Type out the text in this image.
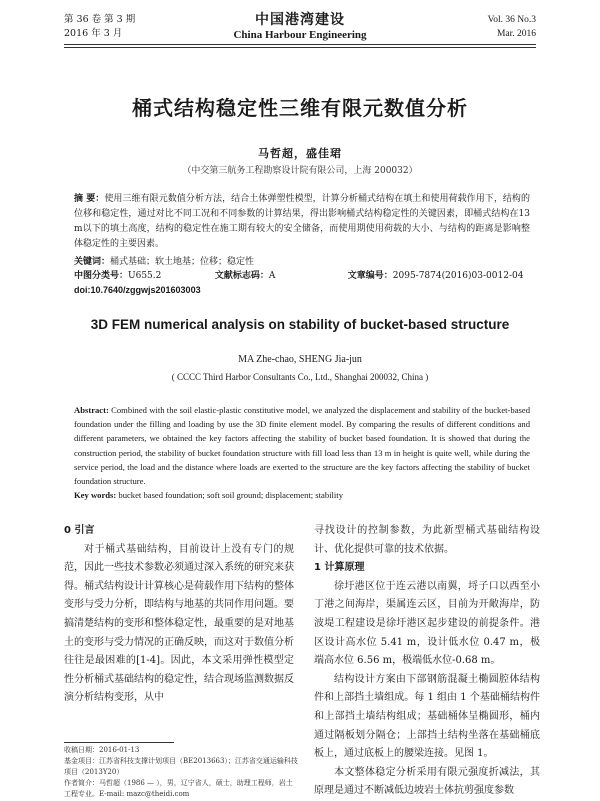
第 36 卷 第 3 期
2016 年 3 月
中国港湾建设
China Harbour Engineering
Vol. 36 No.3
Mar. 2016
桶式结构稳定性三维有限元数值分析
马哲超，盛佳珺
（中交第三航务工程勘察设计院有限公司，上海 200032）
摘 要：使用三维有限元数值分析方法，结合土体弹塑性模型，计算分析桶式结构在填土和使用荷载作用下，结构的位移和稳定性，通过对比不同工况和不同参数的计算结果，得出影响桶式结构稳定性的关键因素，即桶式结构在13 m以下的填土高度，结构的稳定性在施工期有较大的安全储备，而使用期使用荷载的大小、与结构的距离是影响整体稳定性的主要因素。
关键词：桶式基础；软土地基；位移；稳定性
中图分类号：U655.2	文献标志码：A	文章编号：2095-7874(2016)03-0012-04
doi:10.7640/zggwjs201603003
3D FEM numerical analysis on stability of bucket-based structure
MA Zhe-chao, SHENG Jia-jun
( CCCC Third Harbor Consultants Co., Ltd., Shanghai 200032, China )
Abstract: Combined with the soil elastic-plastic constitutive model, we analyzed the displacement and stability of the bucket-based foundation under the filling and loading by use the 3D finite element model. By comparing the results of different conditions and different parameters, we obtained the key factors affecting the stability of bucket based foundation. It is showed that during the construction period, the stability of bucket foundation structure with fill load less than 13 m in height is quite well, while during the service period, the load and the distance where loads are exerted to the structure are the key factors affecting the stability of bucket foundation structure.
Key words: bucket based foundation; soft soil ground; displacement; stability
0 引言

对于桶式基础结构，目前设计上没有专门的规范，因此一些技术参数必须通过深入系统的研究来获得。桶式结构设计计算核心是荷载作用下结构的整体变形与受力分析，即结构与地基的共同作用问题。要搞清楚结构的变形和整体稳定性，最重要的是对地基土的变形与受力情况的正确反映，而这对于数值分析往往是最困难的[1-4]。因此，本文采用弹性模型定性分析桶式基础结构的稳定性，结合现场监测数据反演分析结构变形，从中

寻找设计的控制参数，为此新型桶式基础结构设计、优化提供可靠的技术依据。

1 计算原理

徐圩港区位于连云港以南翼，埒子口以西至小丁港之间海岸，渠属连云区，目前为开敞海岸，防波堤工程建设是徐圩港区起步建设的前提条件。港区设计高水位 5.41 m，设计低水位 0.47 m，极端高水位 6.56 m，极端低水位-0.68 m。

结构设计方案由下部钢筋混凝土椭圆腔体结构件和上部挡土墙组成。每 1 组由 1 个基础桶结构件和上部挡土墙结构组成；基础桶体呈椭圆形，桶内通过隔板划分隔仓；上部挡土结构坐落在基础桶底板上，通过底板上的腰梁连接。见图 1。

本文整体稳定分析采用有限元强度折减法，其原理是通过不断减低边坡岩土体抗剪强度参数

收稿日期：2016-01-13
基金项目：江苏省科技支撑计划项目（BE2013663）；江苏省交通运输科技项目（2013Y20）
作者简介：马哲超（1986 — ），男，辽宁省人，硕士，助理工程师，岩土工程专业。E-mail: mazc@theidi.com
